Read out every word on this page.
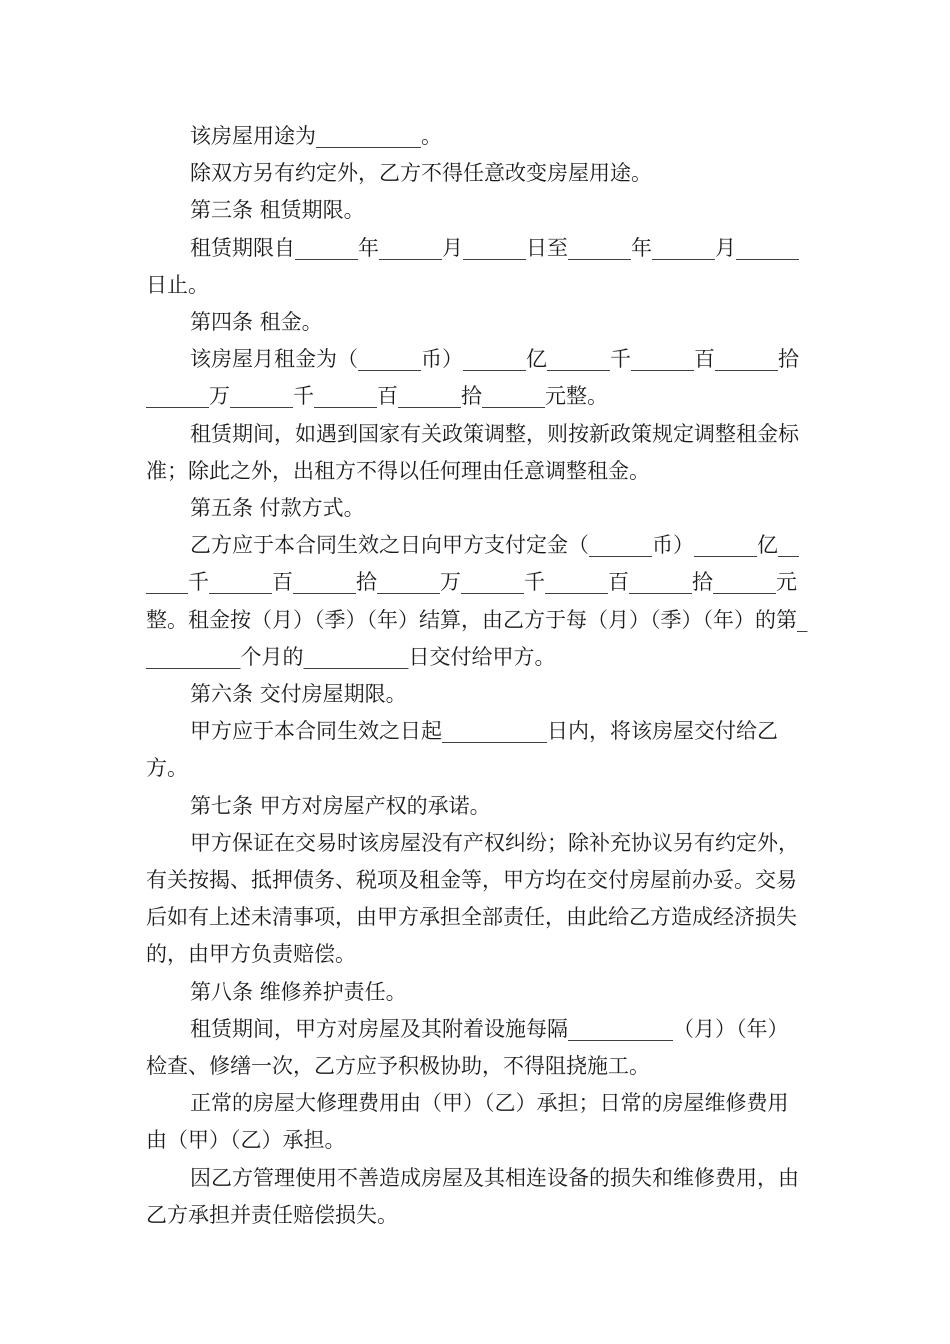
该房屋用途为__________。

除双方另有约定外，乙方不得任意改变房屋用途。

第三条 租赁期限。

租赁期限自______年______月______日至______年______月______日止。

第四条 租金。

该房屋月租金为（______币）______亿______千______百______拾______万______千______百______拾______元整。

租赁期间，如遇到国家有关政策调整，则按新政策规定调整租金标准；除此之外，出租方不得以任何理由任意调整租金。

第五条 付款方式。

乙方应于本合同生效之日向甲方支付定金（______币）______亿______千______百______拾______万______千______百______拾______元整。租金按（月）（季）（年）结算，由乙方于每（月）（季）（年）的第__________个月的__________日交付给甲方。

第六条 交付房屋期限。

甲方应于本合同生效之日起__________日内，将该房屋交付给乙方。

第七条 甲方对房屋产权的承诺。

甲方保证在交易时该房屋没有产权纠纷；除补充协议另有约定外，有关按揭、抵押债务、税项及租金等，甲方均在交付房屋前办妥。交易后如有上述未清事项，由甲方承担全部责任，由此给乙方造成经济损失的，由甲方负责赔偿。

第八条 维修养护责任。

租赁期间，甲方对房屋及其附着设施每隔__________（月）（年）检查、修缮一次，乙方应予积极协助，不得阻挠施工。

正常的房屋大修理费用由（甲）（乙）承担；日常的房屋维修费用由（甲）（乙）承担。

因乙方管理使用不善造成房屋及其相连设备的损失和维修费用，由乙方承担并责任赔偿损失。
